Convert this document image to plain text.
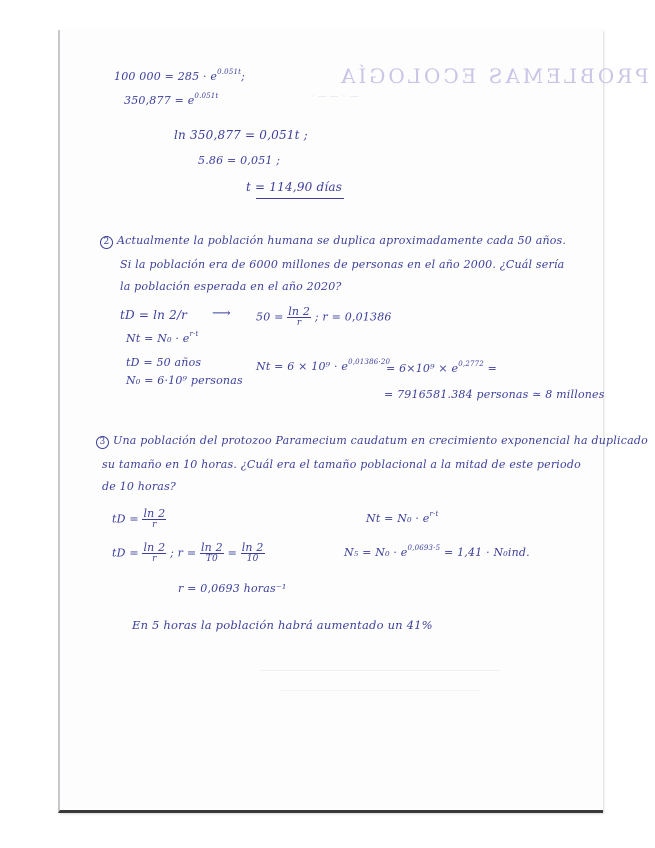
PROBLEMAS ECOLOGÍA
— ·· — — ·
100 $000 = 285 \cdot e^{0.051t}$;
$350,877 = e^{0.051t}$
ln 350,877 = 0,051t ;
5.86 = 0,051 ;
t = 114,90 días
2 Actualmente la población humana se duplica aproximadamente cada 50 años.
Si la población era de 6000 millones de personas en el año 2000. ¿Cuál sería
la población esperada en el año 2020?
tD = ln 2/r ⟶ $50 = \frac{\ln 2}{r}$ ; r = 0,01386
$Nt = N_0 \cdot e^{r\cdot t}$
tD = 50 años
N₀ = 6·10⁹ personas
$Nt = 6 \times 10^9 \cdot e^{0,01386\cdot 20}$
= $6\times 10^9 \times e^{0,2772}$ =
= 7916581.384 personas ≃ 8 millones
3 Una población del protozoo Paramecium caudatum en crecimiento exponencial ha duplicado
su tamaño en 10 horas. ¿Cuál era el tamaño poblacional a la mitad de este periodo
de 10 horas?
tD = $\frac{\ln 2}{r}$	$Nt = N_0 \cdot e^{r\cdot t}$
tD = $\frac{\ln 2}{r}$ ; $r = \frac{\ln 2}{T0} = \frac{\ln 2}{10}$	$N_5 = N_0 \cdot e^{0,0693\cdot 5} = 1,41 \cdot N_0ind$.
r = 0,0693 horas⁻¹
En 5 horas la población habrá aumentado un 41%
